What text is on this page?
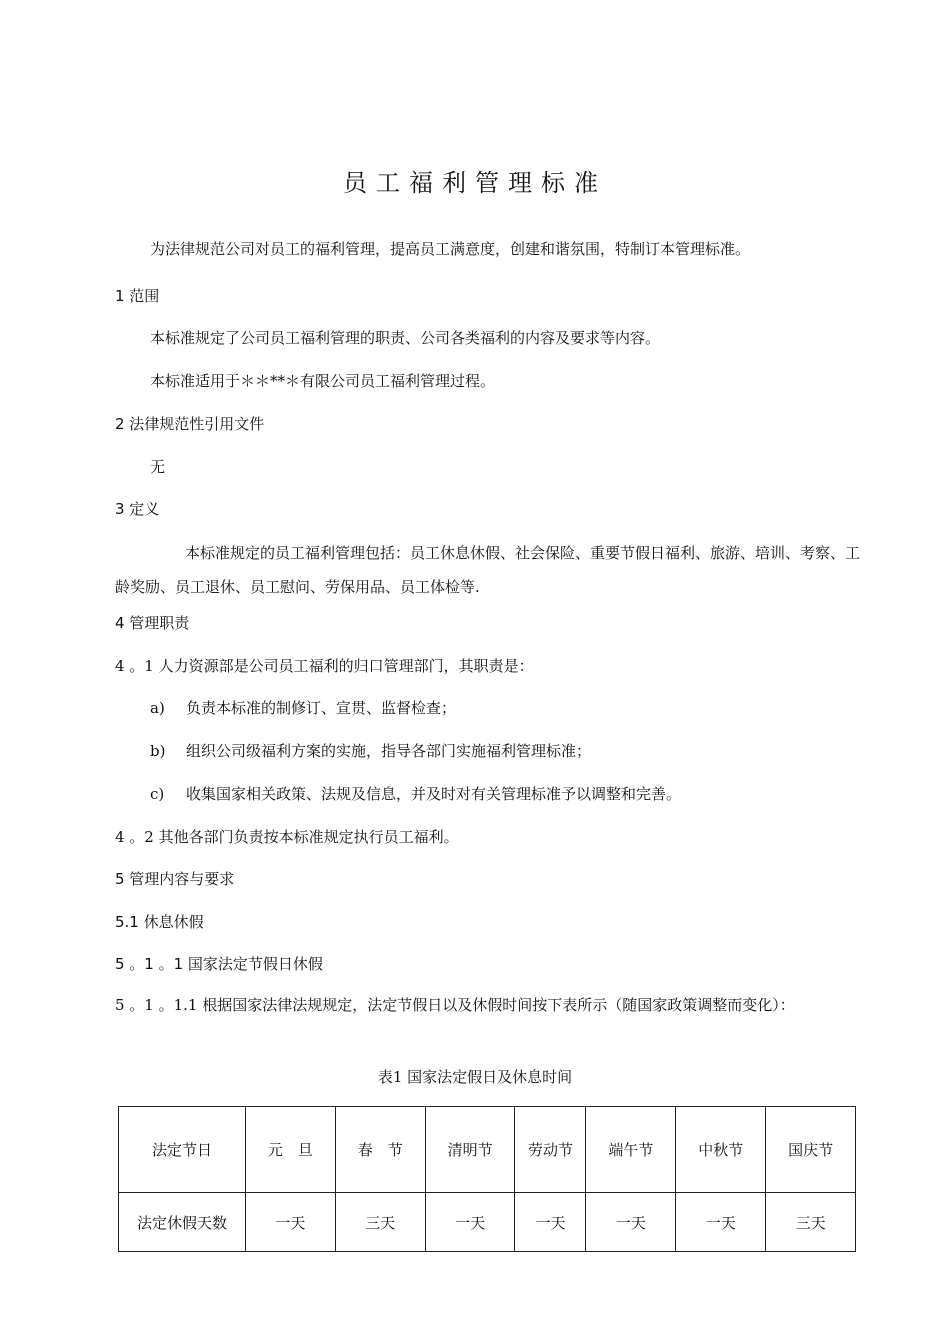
员工福利管理标准
为法律规范公司对员工的福利管理，提高员工满意度，创建和谐氛围，特制订本管理标准。
1 范围
本标准规定了公司员工福利管理的职责、公司各类福利的内容及要求等内容。
本标准适用于＊＊**＊有限公司员工福利管理过程。
2 法律规范性引用文件
无
3 定义
本标准规定的员工福利管理包括：员工休息休假、社会保险、重要节假日福利、旅游、培训、考察、工龄奖励、员工退休、员工慰问、劳保用品、员工体检等.
4 管理职责
4 。1 人力资源部是公司员工福利的归口管理部门，其职责是：
a) 负责本标准的制修订、宣贯、监督检查；
b) 组织公司级福利方案的实施，指导各部门实施福利管理标准；
c) 收集国家相关政策、法规及信息，并及时对有关管理标准予以调整和完善。
4 。2 其他各部门负责按本标准规定执行员工福利。
5 管理内容与要求
5.1 休息休假
5 。1 。1 国家法定节假日休假
5 。1 。1.1 根据国家法律法规规定，法定节假日以及休假时间按下表所示（随国家政策调整而变化）：
表1 国家法定假日及休息时间
法定节日	元　旦	春　节	清明节	劳动节	端午节	中秋节	国庆节
法定休假天数	一天	三天	一天	一天	一天	一天	三天
